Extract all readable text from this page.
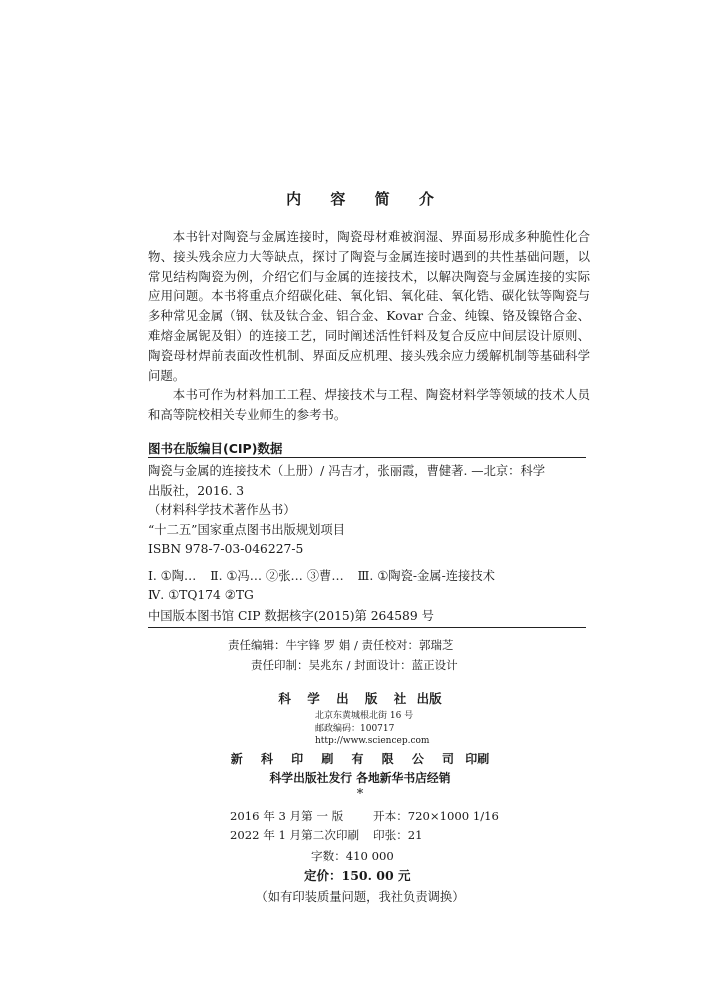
内 容 简 介

本书针对陶瓷与金属连接时，陶瓷母材难被润湿、界面易形成多种脆性化合物、接头残余应力大等缺点，探讨了陶瓷与金属连接时遇到的共性基础问题，以常见结构陶瓷为例，介绍它们与金属的连接技术，以解决陶瓷与金属连接的实际应用问题。本书将重点介绍碳化硅、氧化铝、氧化硅、氧化锆、碳化钛等陶瓷与多种常见金属（钢、钛及钛合金、铝合金、Kovar 合金、纯镍、铬及镍铬合金、难熔金属铌及钼）的连接工艺，同时阐述活性钎料及复合反应中间层设计原则、陶瓷母材焊前表面改性机制、界面反应机理、接头残余应力缓解机制等基础科学问题。

本书可作为材料加工工程、焊接技术与工程、陶瓷材料学等领域的技术人员和高等院校相关专业师生的参考书。

图书在版编目(CIP)数据
陶瓷与金属的连接技术（上册）/ 冯吉才，张丽霞，曹健著. —北京：科学
出版社，2016. 3
（材料科学技术著作丛书）
“十二五”国家重点图书出版规划项目
ISBN 978-7-03-046227-5
Ⅰ. ①陶… Ⅱ. ①冯… ②张… ③曹… Ⅲ. ①陶瓷-金属-连接技术
Ⅳ. ①TQ174 ②TG
中国版本图书馆 CIP 数据核字(2015)第 264589 号
责任编辑：牛宇锋 罗 娟 / 责任校对：郭瑞芝
责任印制：吴兆东 / 封面设计：蓝正设计
科 学 出 版 社 出版
北京东黄城根北街 16 号
邮政编码：100717
http://www.sciencep.com
新 科 印 刷 有 限 公 司 印刷
科学出版社发行 各地新华书店经销
*
2016 年 3 月第 一 版	开本：720×1000 1/16
2022 年 1 月第二次印刷 印张：21
字数：410 000
定价：150. 00 元
（如有印装质量问题，我社负责调换）
